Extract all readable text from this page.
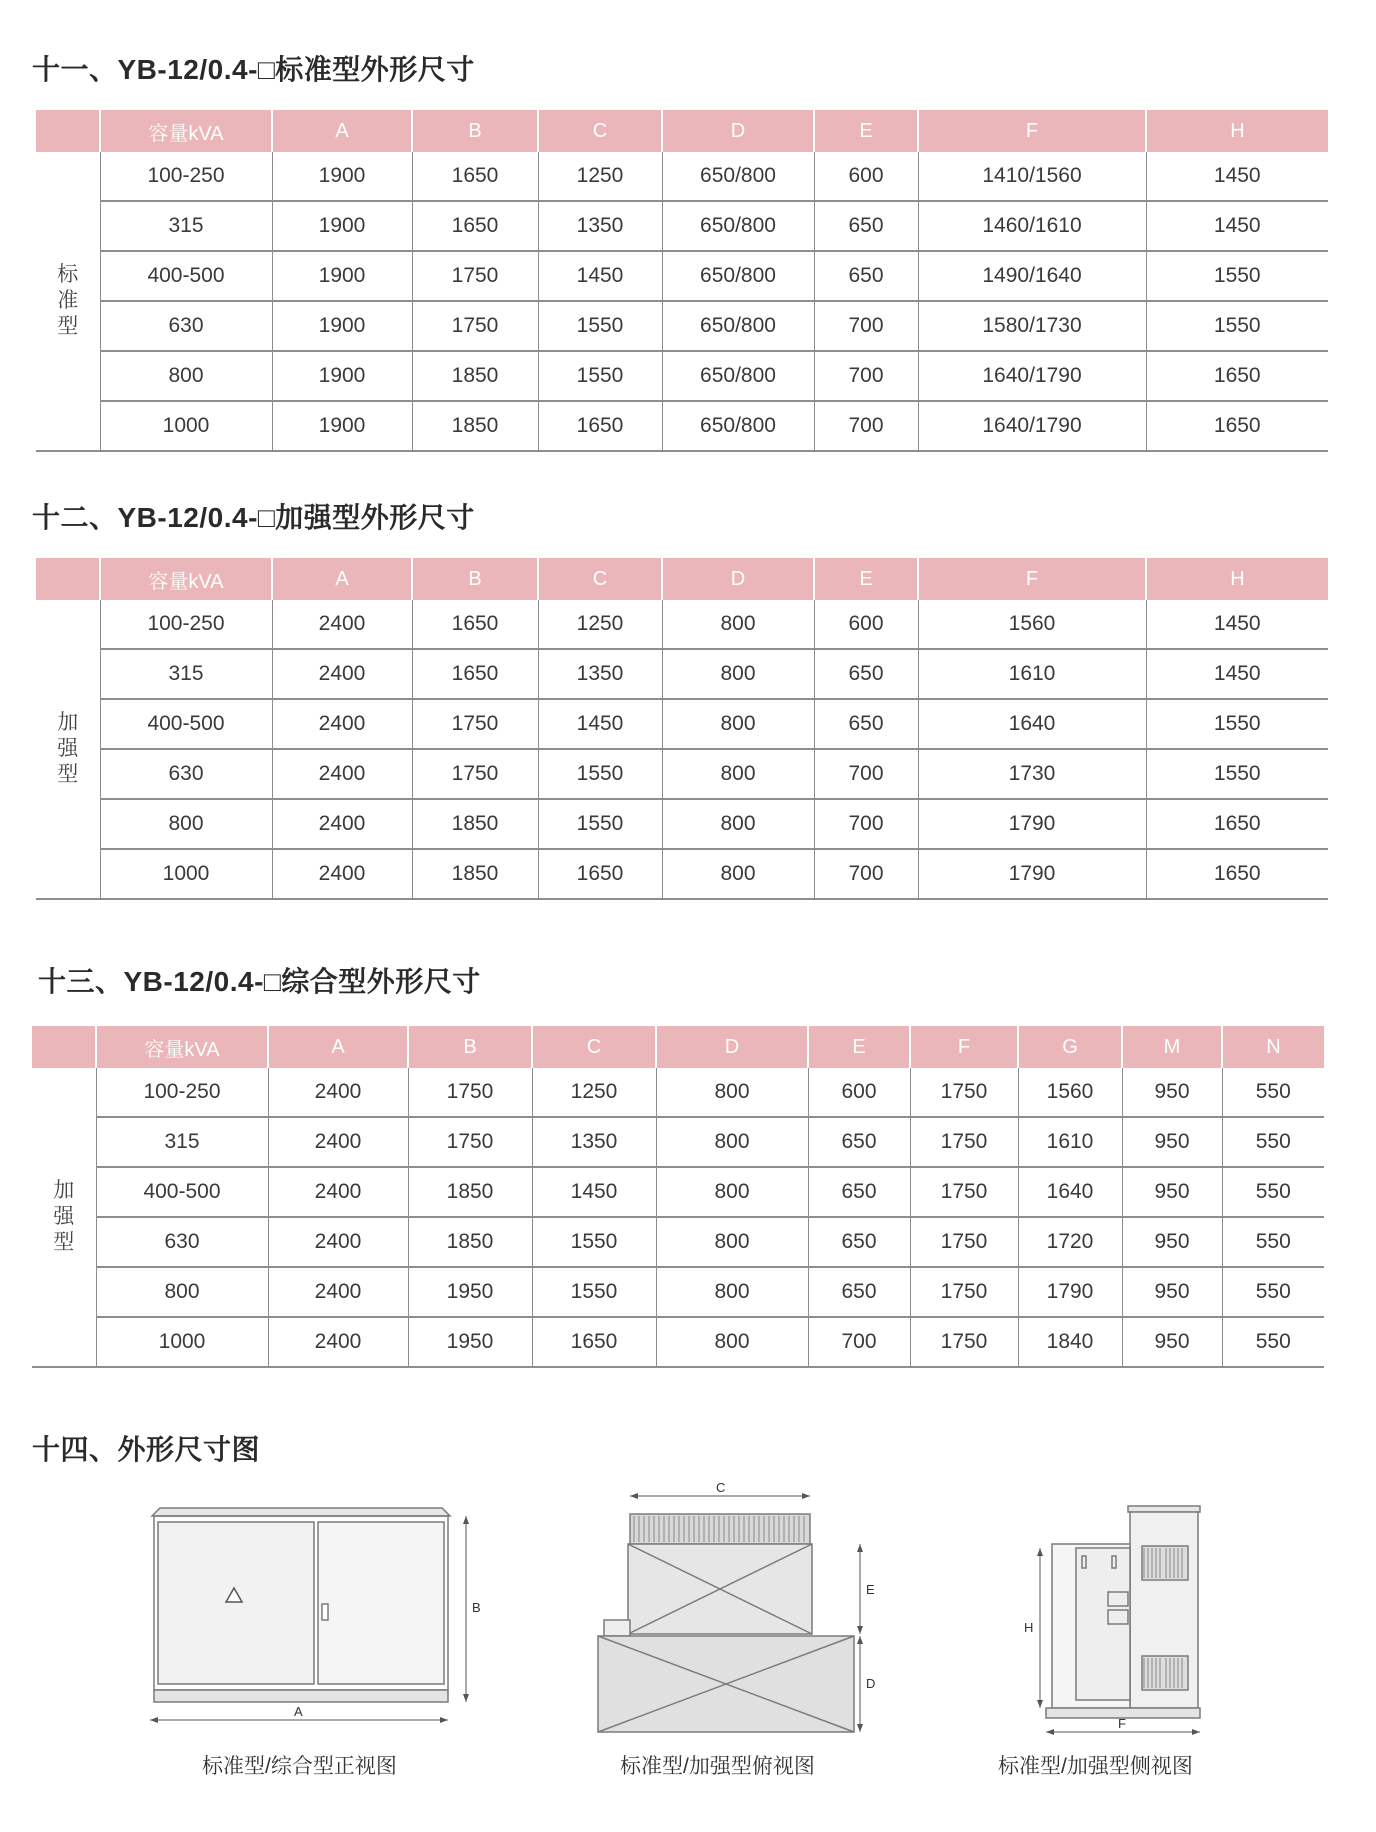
十一、YB-12/0.4-□标准型外形尺寸
	容量kVA	A	B	C	D	E	F	H

标
准
型	100-250	1900	1650	1250	650/800	600	1410/1560	1450
	315	1900	1650	1350	650/800	650	1460/1610	1450
	400-500	1900	1750	1450	650/800	650	1490/1640	1550
	630	1900	1750	1550	650/800	700	1580/1730	1550
	800	1900	1850	1550	650/800	700	1640/1790	1650
	1000	1900	1850	1650	650/800	700	1640/1790	1650
十二、YB-12/0.4-□加强型外形尺寸
	容量kVA	A	B	C	D	E	F	H

加
强
型	100-250	2400	1650	1250	800	600	1560	1450
	315	2400	1650	1350	800	650	1610	1450
	400-500	2400	1750	1450	800	650	1640	1550
	630	2400	1750	1550	800	700	1730	1550
	800	2400	1850	1550	800	700	1790	1650
	1000	2400	1850	1650	800	700	1790	1650
十三、YB-12/0.4-□综合型外形尺寸
	容量kVA	A	B	C	D	E	F	G	M	N

加
强
型	100-250	2400	1750	1250	800	600	1750	1560	950	550
	315	2400	1750	1350	800	650	1750	1610	950	550
	400-500	2400	1850	1450	800	650	1750	1640	950	550
	630	2400	1850	1550	800	650	1750	1720	950	550
	800	2400	1950	1550	800	650	1750	1790	950	550
	1000	2400	1950	1650	800	700	1750	1840	950	550
十四、外形尺寸图
A
B
标准型/综合型正视图
C
E
D
标准型/加强型俯视图
H
F
标准型/加强型侧视图
